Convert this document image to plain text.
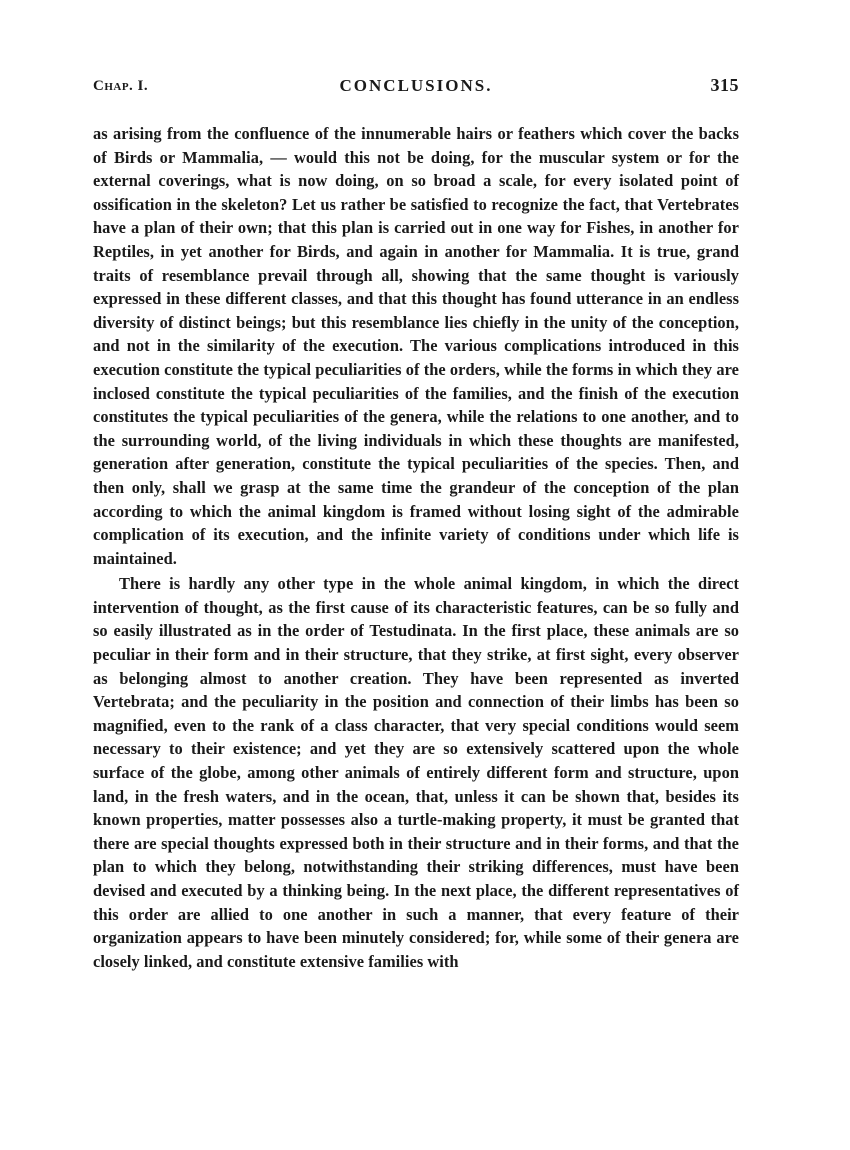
Chap. I.	CONCLUSIONS.	315

as arising from the confluence of the innumerable hairs or feathers which cover the backs of Birds or Mammalia, — would this not be doing, for the muscular system or for the external coverings, what is now doing, on so broad a scale, for every isolated point of ossification in the skeleton? Let us rather be satisfied to recognize the fact, that Vertebrates have a plan of their own; that this plan is carried out in one way for Fishes, in another for Reptiles, in yet another for Birds, and again in another for Mammalia. It is true, grand traits of resemblance prevail through all, showing that the same thought is variously expressed in these different classes, and that this thought has found utterance in an endless diversity of distinct beings; but this resemblance lies chiefly in the unity of the conception, and not in the similarity of the execution. The various complications introduced in this execution constitute the typical peculiarities of the orders, while the forms in which they are inclosed constitute the typical peculiarities of the families, and the finish of the execution constitutes the typical peculiarities of the genera, while the relations to one another, and to the surrounding world, of the living individuals in which these thoughts are manifested, generation after generation, constitute the typical peculiarities of the species. Then, and then only, shall we grasp at the same time the grandeur of the conception of the plan according to which the animal kingdom is framed without losing sight of the admirable complication of its execution, and the infinite variety of conditions under which life is maintained.

There is hardly any other type in the whole animal kingdom, in which the direct intervention of thought, as the first cause of its characteristic features, can be so fully and so easily illustrated as in the order of Testudinata. In the first place, these animals are so peculiar in their form and in their structure, that they strike, at first sight, every observer as belonging almost to another creation. They have been represented as inverted Vertebrata; and the peculiarity in the position and connection of their limbs has been so magnified, even to the rank of a class character, that very special conditions would seem necessary to their existence; and yet they are so extensively scattered upon the whole surface of the globe, among other animals of entirely different form and structure, upon land, in the fresh waters, and in the ocean, that, unless it can be shown that, besides its known properties, matter possesses also a turtle-making property, it must be granted that there are special thoughts expressed both in their structure and in their forms, and that the plan to which they belong, notwithstanding their striking differences, must have been devised and executed by a thinking being. In the next place, the different representatives of this order are allied to one another in such a manner, that every feature of their organization appears to have been minutely considered; for, while some of their genera are closely linked, and constitute extensive families with
